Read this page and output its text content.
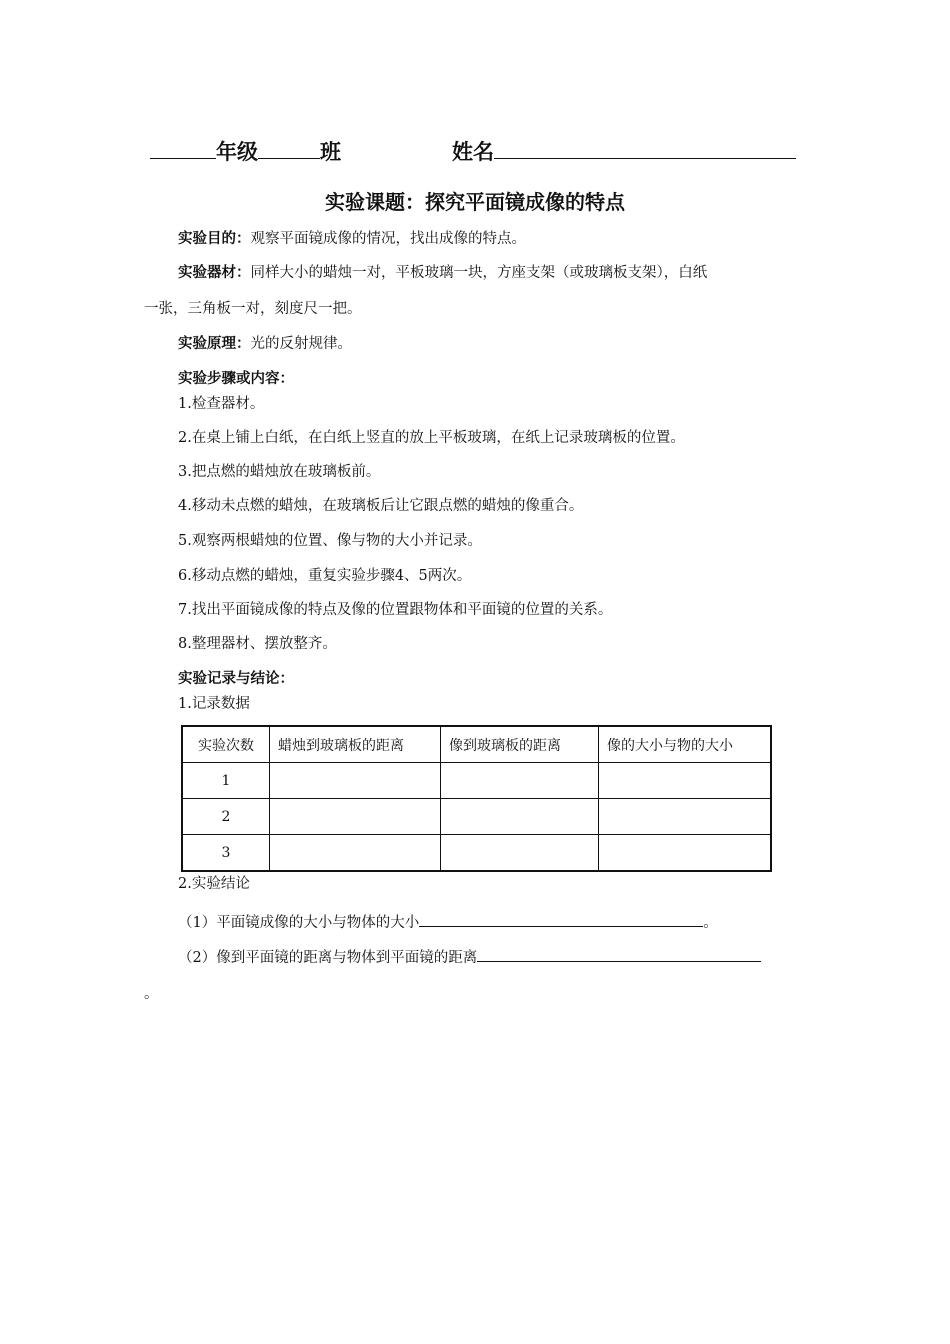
年级	班	姓名
实验课题：探究平面镜成像的特点
实验目的：观察平面镜成像的情况，找出成像的特点。
实验器材：同样大小的蜡烛一对，平板玻璃一块，方座支架（或玻璃板支架），白纸
一张，三角板一对，刻度尺一把。
实验原理：光的反射规律。
实验步骤或内容：
1.检查器材。
2.在桌上铺上白纸，在白纸上竖直的放上平板玻璃，在纸上记录玻璃板的位置。
3.把点燃的蜡烛放在玻璃板前。
4.移动未点燃的蜡烛，在玻璃板后让它跟点燃的蜡烛的像重合。
5.观察两根蜡烛的位置、像与物的大小并记录。
6.移动点燃的蜡烛，重复实验步骤4、5两次。
7.找出平面镜成像的特点及像的位置跟物体和平面镜的位置的关系。
8.整理器材、摆放整齐。
实验记录与结论：
1.记录数据
实验次数	蜡烛到玻璃板的距离	像到玻璃板的距离	像的大小与物的大小
1			
2			
3			
2.实验结论
（1）平面镜成像的大小与物体的大小	。
（2）像到平面镜的距离与物体到平面镜的距离
。
